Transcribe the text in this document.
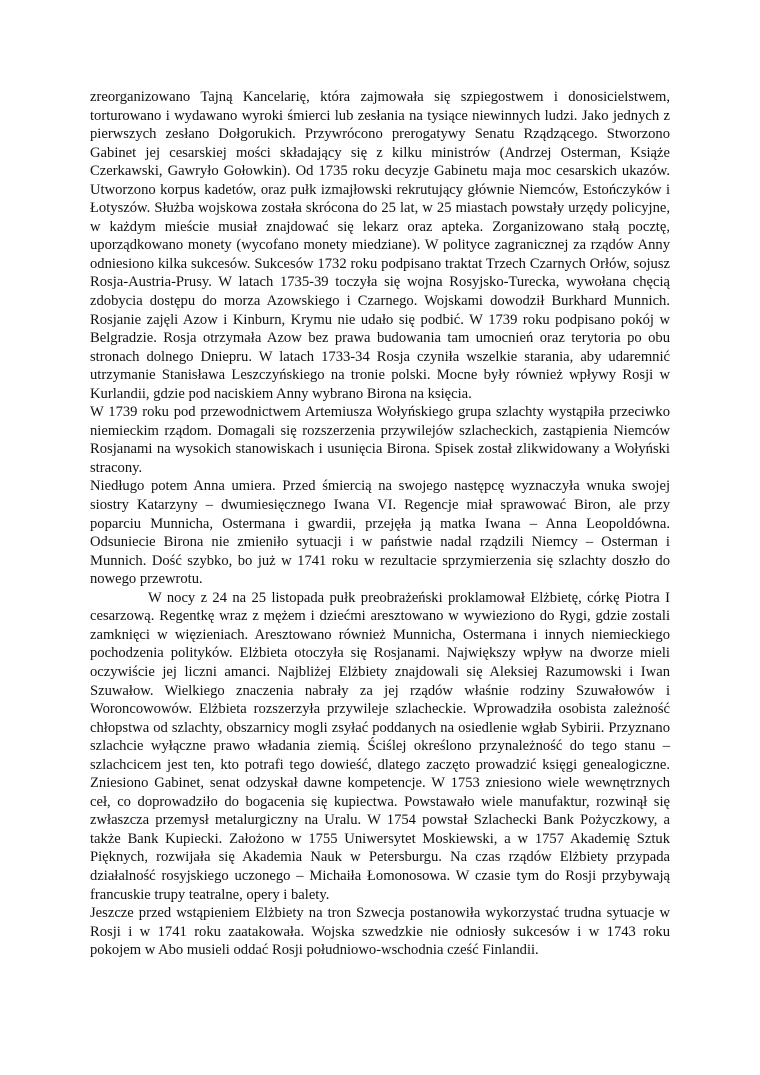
zreorganizowano Tajną Kancelarię, która zajmowała się szpiegostwem i donosicielstwem, torturowano i wydawano wyroki śmierci lub zesłania na tysiące niewinnych ludzi. Jako jednych z pierwszych zesłano Dołgorukich. Przywrócono prerogatywy Senatu Rządzącego. Stworzono Gabinet jej cesarskiej mości składający się z kilku ministrów (Andrzej Osterman, Książe Czerkawski, Gawryło Gołowkin). Od 1735 roku decyzje Gabinetu maja moc cesarskich ukazów. Utworzono korpus kadetów, oraz pułk izmajłowski rekrutujący głównie Niemców, Estończyków i Łotyszów. Służba wojskowa została skrócona do 25 lat, w 25 miastach powstały urzędy policyjne, w każdym mieście musiał znajdować się lekarz oraz apteka. Zorganizowano stałą pocztę, uporządkowano monety (wycofano monety miedziane). W polityce zagranicznej za rządów Anny odniesiono kilka sukcesów. Sukcesów 1732 roku podpisano traktat Trzech Czarnych Orłów, sojusz Rosja-Austria-Prusy. W latach 1735-39 toczyła się wojna Rosyjsko-Turecka, wywołana chęcią zdobycia dostępu do morza Azowskiego i Czarnego. Wojskami dowodził Burkhard Munnich. Rosjanie zajęli Azow i Kinburn, Krymu nie udało się podbić. W 1739 roku podpisano pokój w Belgradzie. Rosja otrzymała Azow bez prawa budowania tam umocnień oraz terytoria po obu stronach dolnego Dniepru. W latach 1733-34 Rosja czyniła wszelkie starania, aby udaremnić utrzymanie Stanisława Leszczyńskiego na tronie polski. Mocne były również wpływy Rosji w Kurlandii, gdzie pod naciskiem Anny wybrano Birona na księcia.

W 1739 roku pod przewodnictwem Artemiusza Wołyńskiego grupa szlachty wystąpiła przeciwko niemieckim rządom. Domagali się rozszerzenia przywilejów szlacheckich, zastąpienia Niemców Rosjanami na wysokich stanowiskach i usunięcia Birona. Spisek został zlikwidowany a Wołyński stracony.

Niedługo potem Anna umiera. Przed śmiercią na swojego następcę wyznaczyła wnuka swojej siostry Katarzyny – dwumiesięcznego Iwana VI. Regencje miał sprawować Biron, ale przy poparciu Munnicha, Ostermana i gwardii, przejęła ją matka Iwana – Anna Leopoldówna. Odsuniecie Birona nie zmieniło sytuacji i w państwie nadal rządzili Niemcy – Osterman i Munnich. Dość szybko, bo już w 1741 roku w rezultacie sprzymierzenia się szlachty doszło do nowego przewrotu.

W nocy z 24 na 25 listopada pułk preobrażeński proklamował Elżbietę, córkę Piotra I cesarzową. Regentkę wraz z mężem i dziećmi aresztowano w wywieziono do Rygi, gdzie zostali zamknięci w więzieniach. Aresztowano również Munnicha, Ostermana i innych niemieckiego pochodzenia polityków. Elżbieta otoczyła się Rosjanami. Największy wpływ na dworze mieli oczywiście jej liczni amanci. Najbliżej Elżbiety znajdowali się Aleksiej Razumowski i Iwan Szuwałow. Wielkiego znaczenia nabrały za jej rządów właśnie rodziny Szuwałowów i Woroncowowów. Elżbieta rozszerzyła przywileje szlacheckie. Wprowadziła osobista zależność chłopstwa od szlachty, obszarnicy mogli zsyłać poddanych na osiedlenie wgłab Sybirii. Przyznano szlachcie wyłączne prawo władania ziemią. Ściślej określono przynależność do tego stanu – szlachcicem jest ten, kto potrafi tego dowieść, dlatego zaczęto prowadzić księgi genealogiczne. Zniesiono Gabinet, senat odzyskał dawne kompetencje. W 1753 zniesiono wiele wewnętrznych ceł, co doprowadziło do bogacenia się kupiectwa. Powstawało wiele manufaktur, rozwinął się zwłaszcza przemysł metalurgiczny na Uralu. W 1754 powstał Szlachecki Bank Pożyczkowy, a także Bank Kupiecki. Założono w 1755 Uniwersytet Moskiewski, a w 1757 Akademię Sztuk Pięknych, rozwijała się Akademia Nauk w Petersburgu. Na czas rządów Elżbiety przypada działalność rosyjskiego uczonego – Michaiła Łomonosowa. W czasie tym do Rosji przybywają francuskie trupy teatralne, opery i balety.

Jeszcze przed wstąpieniem Elżbiety na tron Szwecja postanowiła wykorzystać trudna sytuacje w Rosji i w 1741 roku zaatakowała. Wojska szwedzkie nie odniosły sukcesów i w 1743 roku pokojem w Abo musieli oddać Rosji południowo-wschodnia cześć Finlandii.
